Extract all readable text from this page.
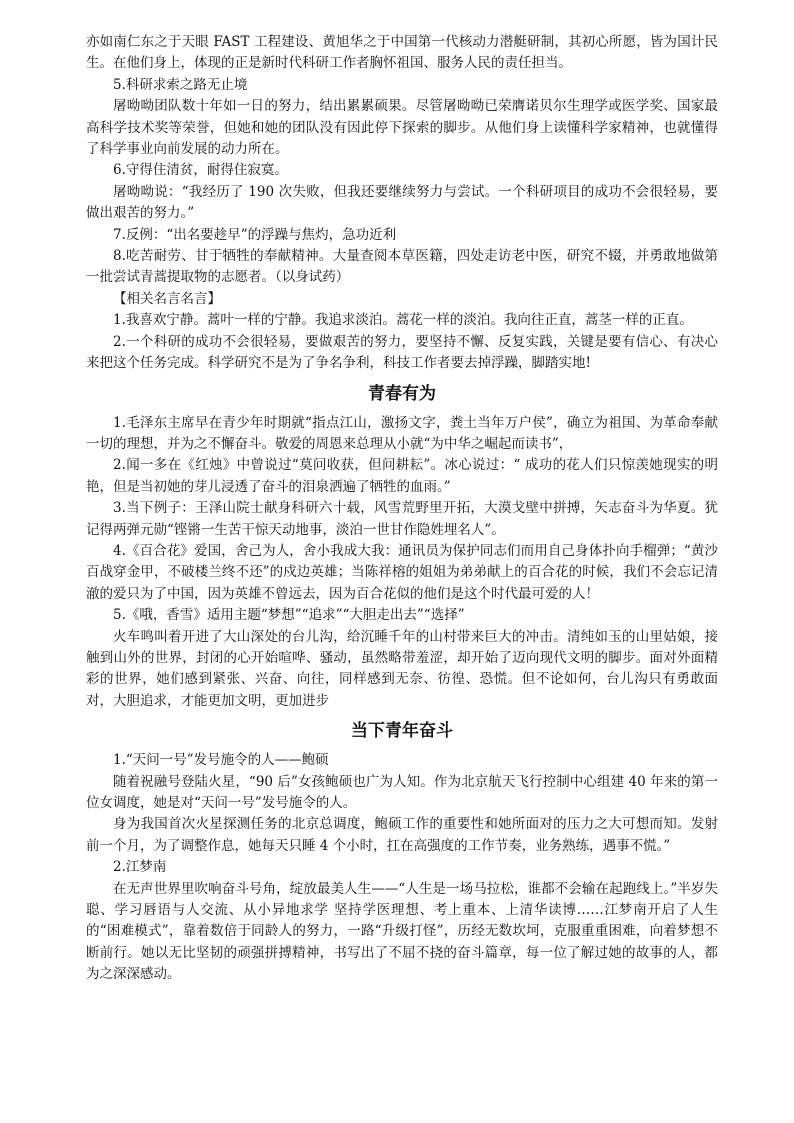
亦如南仁东之于天眼 FAST 工程建设、黄旭华之于中国第一代核动力潜艇研制，其初心所愿，皆为国计民生。在他们身上，体现的正是新时代科研工作者胸怀祖国、服务人民的责任担当。

5.科研求索之路无止境

屠呦呦团队数十年如一日的努力，结出累累硕果。尽管屠呦呦已荣膺诺贝尔生理学或医学奖、国家最高科学技术奖等荣誉，但她和她的团队没有因此停下探索的脚步。从他们身上读懂科学家精神，也就懂得了科学事业向前发展的动力所在。

6.守得住清贫，耐得住寂寞。

屠呦呦说：“我经历了 190 次失败，但我还要继续努力与尝试。一个科研项目的成功不会很轻易，要做出艰苦的努力。”

7.反例：“出名要趁早”的浮躁与焦灼，急功近利

8.吃苦耐劳、甘于牺牲的奉献精神。大量查阅本草医籍，四处走访老中医，研究不辍，并勇敢地做第一批尝试青蒿提取物的志愿者。（以身试药）

【相关名言名言】

1.我喜欢宁静。蒿叶一样的宁静。我追求淡泊。蒿花一样的淡泊。我向往正直，蒿茎一样的正直。

2.一个科研的成功不会很轻易，要做艰苦的努力，要坚持不懈、反复实践，关键是要有信心、有决心来把这个任务完成。科学研究不是为了争名争利，科技工作者要去掉浮躁，脚踏实地!

青春有为

1.毛泽东主席早在青少年时期就“指点江山，激扬文字，粪土当年万户侯”，确立为祖国、为革命奉献一切的理想，并为之不懈奋斗。敬爱的周恩来总理从小就“为中华之崛起而读书”，

2.闻一多在《红烛》中曾说过“莫问收获，但问耕耘”。冰心说过：“ 成功的花人们只惊羡她现实的明艳，但是当初她的芽儿浸透了奋斗的泪泉洒遍了牺牲的血雨。”

3.当下例子：王泽山院士献身科研六十载，风雪荒野里开拓，大漠戈壁中拼搏，矢志奋斗为华夏。犹记得两弹元勋“铿锵一生苦干惊天动地事，淡泊一世甘作隐姓埋名人”。

4.《百合花》爱国，舍己为人，舍小我成大我：通讯员为保护同志们而用自己身体扑向手榴弹；“黄沙百战穿金甲，不破楼兰终不还”的戍边英雄；当陈祥榕的姐姐为弟弟献上的百合花的时候，我们不会忘记清澈的爱只为了中国，因为英雄不曾远去，因为百合花似的他们是这个时代最可爱的人！

5.《哦，香雪》适用主题“梦想”“追求”“大胆走出去”“选择”

火车鸣叫着开进了大山深处的台儿沟，给沉睡千年的山村带来巨大的冲击。清纯如玉的山里姑娘，接触到山外的世界，封闭的心开始喧哗、骚动，虽然略带羞涩，却开始了迈向现代文明的脚步。面对外面精彩的世界，她们感到紧张、兴奋、向往，同样感到无奈、彷徨、恐慌。但不论如何，台儿沟只有勇敢面对，大胆追求，才能更加文明，更加进步

当下青年奋斗

1.“天问一号”发号施令的人——鲍硕

随着祝融号登陆火星，“90 后”女孩鲍硕也广为人知。作为北京航天飞行控制中心组建 40 年来的第一位女调度，她是对“天问一号”发号施令的人。

身为我国首次火星探测任务的北京总调度，鲍硕工作的重要性和她所面对的压力之大可想而知。发射前一个月，为了调整作息，她每天只睡 4 个小时，扛在高强度的工作节奏，业务熟练，遇事不慌。”

2.江梦南

在无声世界里吹响奋斗号角，绽放最美人生——“人生是一场马拉松，谁都不会输在起跑线上。”半岁失聪、学习唇语与人交流、从小异地求学 坚持学医理想、考上重本、上清华读博……江梦南开启了人生的“困难模式”，靠着数倍于同龄人的努力，一路“升级打怪”，历经无数坎坷，克服重重困难，向着梦想不断前行。她以无比坚韧的顽强拼搏精神，书写出了不屈不挠的奋斗篇章，每一位了解过她的故事的人，都为之深深感动。
